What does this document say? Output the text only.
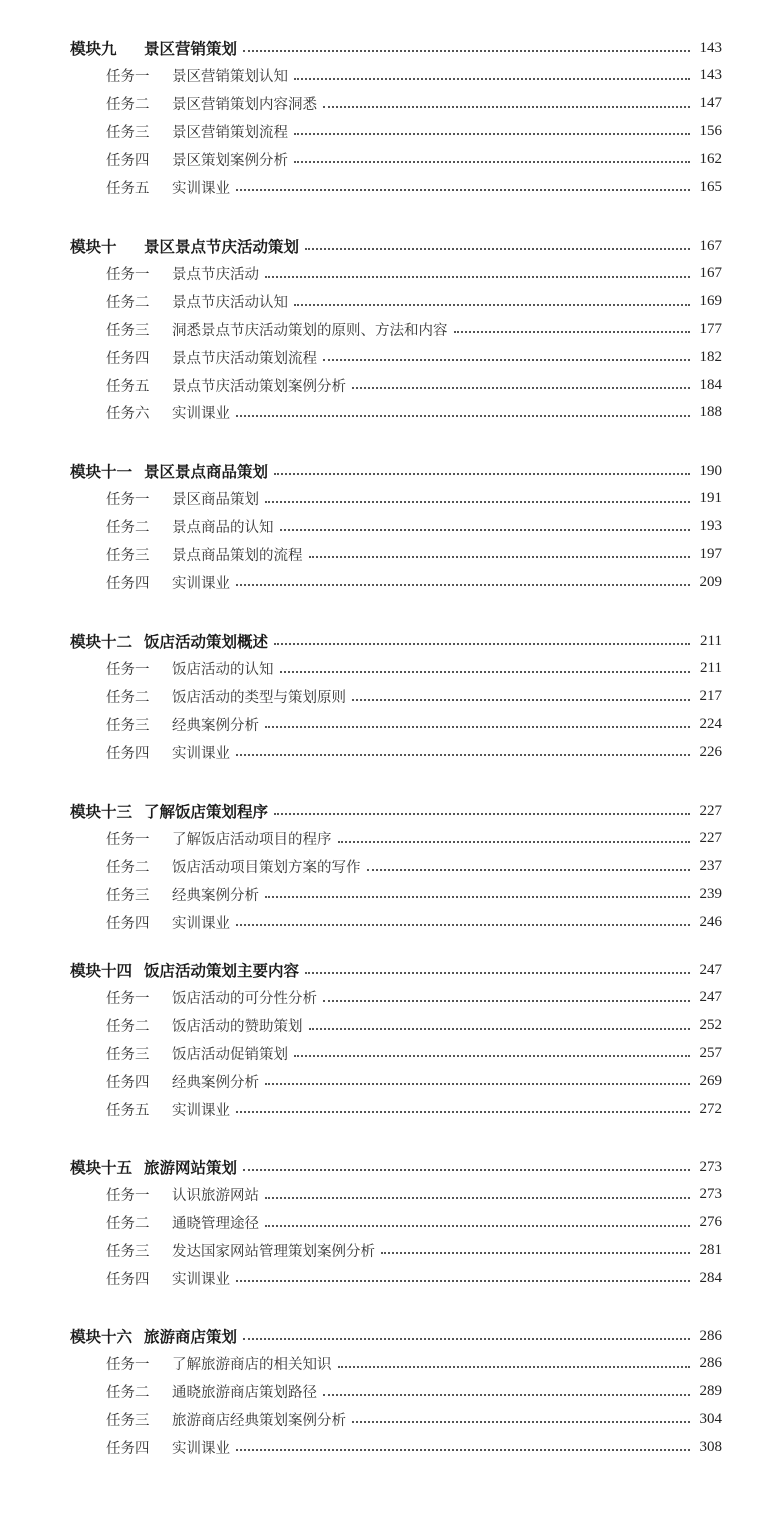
模块九	景区营销策划	143
任务一	景区营销策划认知	143
任务二	景区营销策划内容洞悉	147
任务三	景区营销策划流程	156
任务四	景区策划案例分析	162
任务五	实训课业	165
模块十	景区景点节庆活动策划	167
任务一	景点节庆活动	167
任务二	景点节庆活动认知	169
任务三	洞悉景点节庆活动策划的原则、方法和内容	177
任务四	景点节庆活动策划流程	182
任务五	景点节庆活动策划案例分析	184
任务六	实训课业	188
模块十一 景区景点商品策划	190
任务一	景区商品策划	191
任务二	景点商品的认知	193
任务三	景点商品策划的流程	197
任务四	实训课业	209
模块十二 饭店活动策划概述	211
任务一	饭店活动的认知	211
任务二	饭店活动的类型与策划原则	217
任务三	经典案例分析	224
任务四	实训课业	226
模块十三 了解饭店策划程序	227
任务一	了解饭店活动项目的程序	227
任务二	饭店活动项目策划方案的写作	237
任务三	经典案例分析	239
任务四	实训课业	246
模块十四 饭店活动策划主要内容	247
任务一	饭店活动的可分性分析	247
任务二	饭店活动的赞助策划	252
任务三	饭店活动促销策划	257
任务四	经典案例分析	269
任务五	实训课业	272
模块十五 旅游网站策划	273
任务一	认识旅游网站	273
任务二	通晓管理途径	276
任务三	发达国家网站管理策划案例分析	281
任务四	实训课业	284
模块十六 旅游商店策划	286
任务一	了解旅游商店的相关知识	286
任务二	通晓旅游商店策划路径	289
任务三	旅游商店经典策划案例分析	304
任务四	实训课业	308
